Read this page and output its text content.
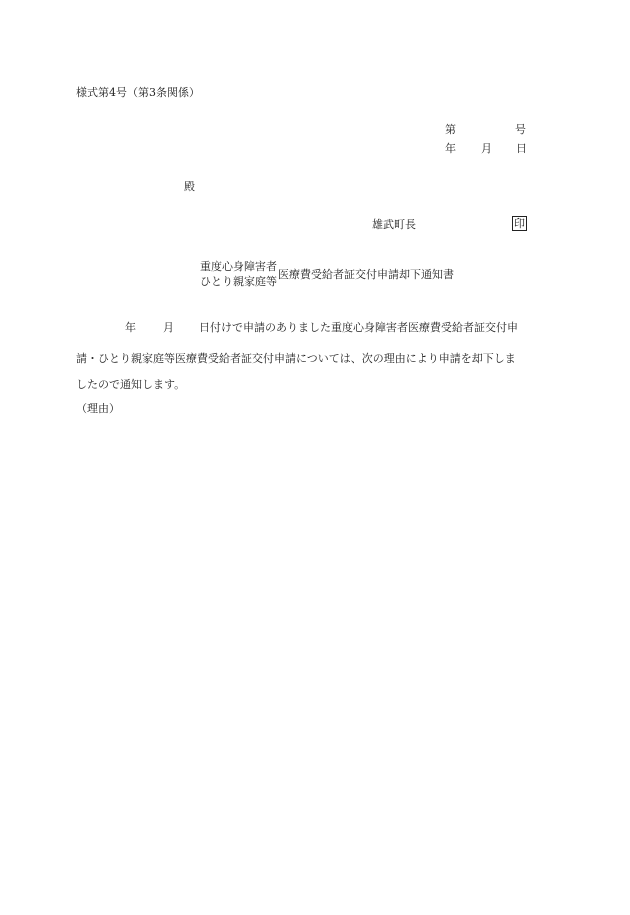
様式第4号（第3条関係）
第	号
年 月 日
殿
雄武町長	印
重度心身障害者
ひとり親家庭等
医療費受給者証交付申請却下通知書
年 月 日付けで申請のありました重度心身障害者医療費受給者証交付申
請・ひとり親家庭等医療費受給者証交付申請については、次の理由により申請を却下しま
したので通知します。
（理由）
